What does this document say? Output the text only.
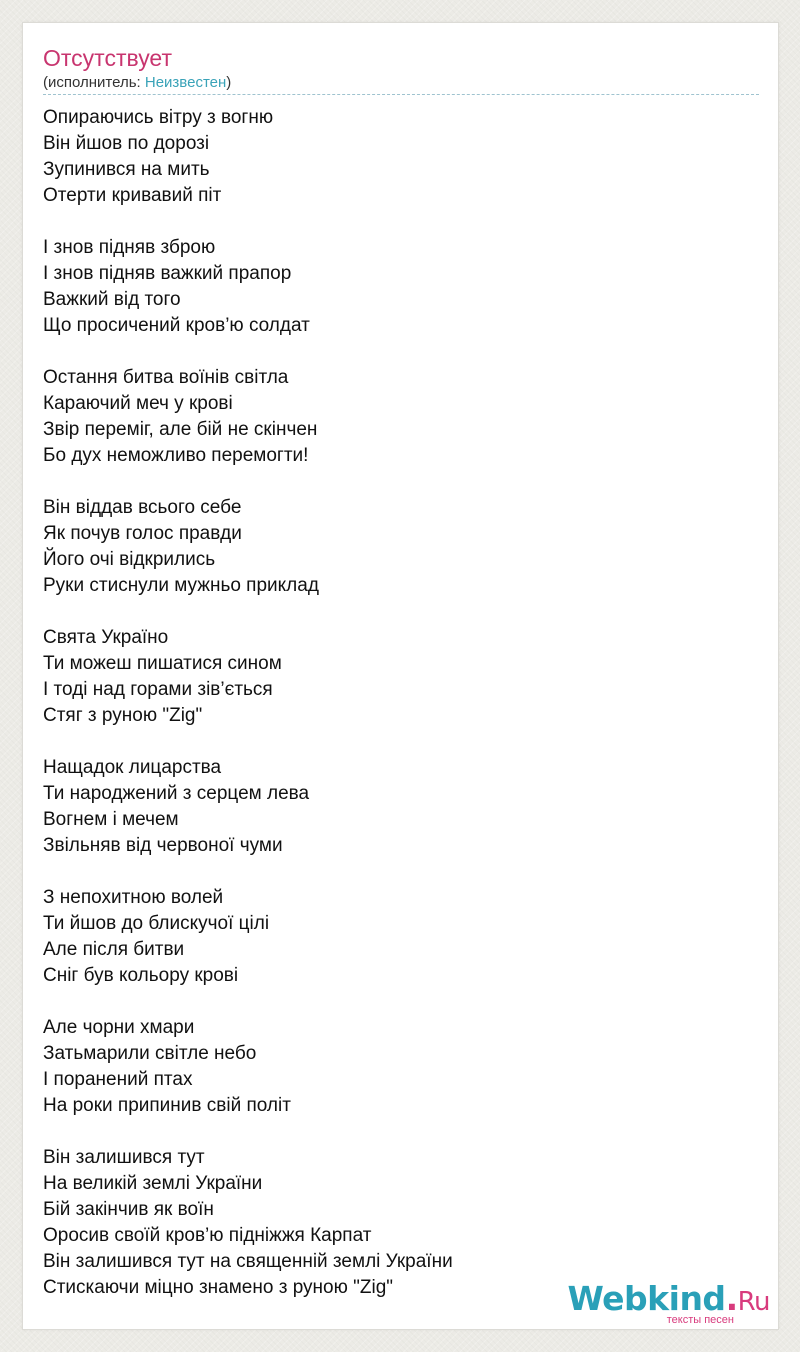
Отсутствует
(исполнитель: Неизвестен)
Опираючись вітру з вогню
Він йшов по дорозі
Зупинився на мить
Отерти кривавий піт
І знов підняв зброю
І знов підняв важкий прапор
Важкий від того
Що просичений кров’ю солдат
Остання битва воїнів світла
Караючий меч у крові
Звір переміг, але бій не скінчен
Бо дух неможливо перемогти!
Він віддав всього себе
Як почув голос правди
Його очі відкрились
Руки стиснули мужньо приклад
Свята Україно
Ти можеш пишатися сином
І тоді над горами зів’ється
Стяг з руною "Zig"
Нащадок лицарства
Ти народжений з серцем лева
Вогнем і мечем
Звільняв від червоної чуми
З непохитною волей
Ти йшов до блискучої цілі
Але після битви
Сніг був кольору крові
Але чорни хмари
Затьмарили світле небо
І поранений птах
На роки припинив свій політ
Він залишився тут
На великій землі України
Бій закінчив як воїн
Оросив своїй кров’ю підніжжя Карпат
Він залишився тут на священній землі України
Стискаючи міцно знамено з руною "Zig"	Webkind.Ru
тексты песен
